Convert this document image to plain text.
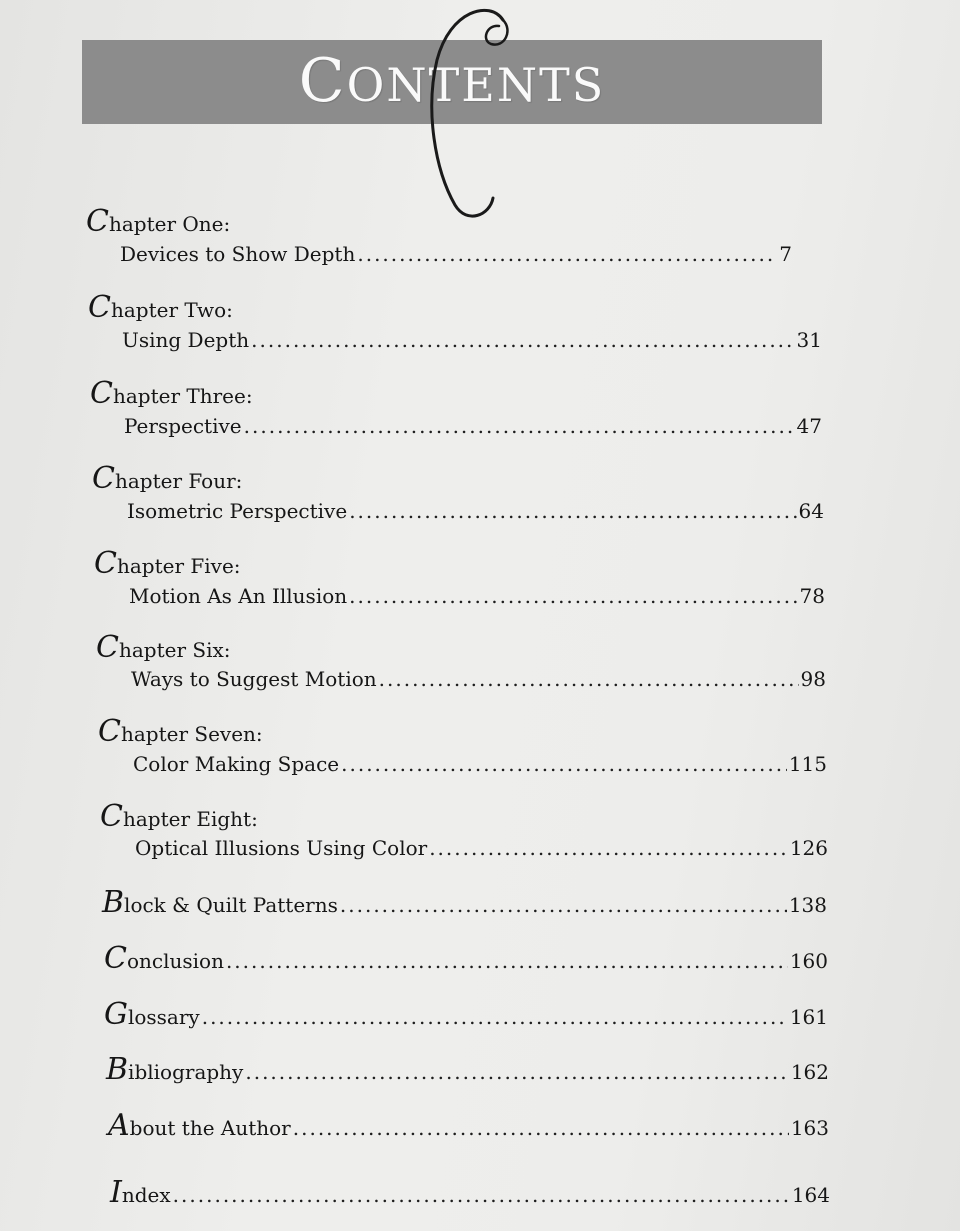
CONTENTS
Chapter One:
Devices to Show Depth .....	7
Chapter Two:
Using Depth .....	31
Chapter Three:
Perspective .....	47
Chapter Four:
Isometric Perspective .....	64
Chapter Five:
Motion As An Illusion .....	78
Chapter Six:
Ways to Suggest Motion .....	98
Chapter Seven:
Color Making Space .....	115
Chapter Eight:
Optical Illusions Using Color .....	126
Block & Quilt Patterns .....	138
Conclusion .....	160
Glossary .....	161
Bibliography .....	162
About the Author .....	163
Index .....	164
